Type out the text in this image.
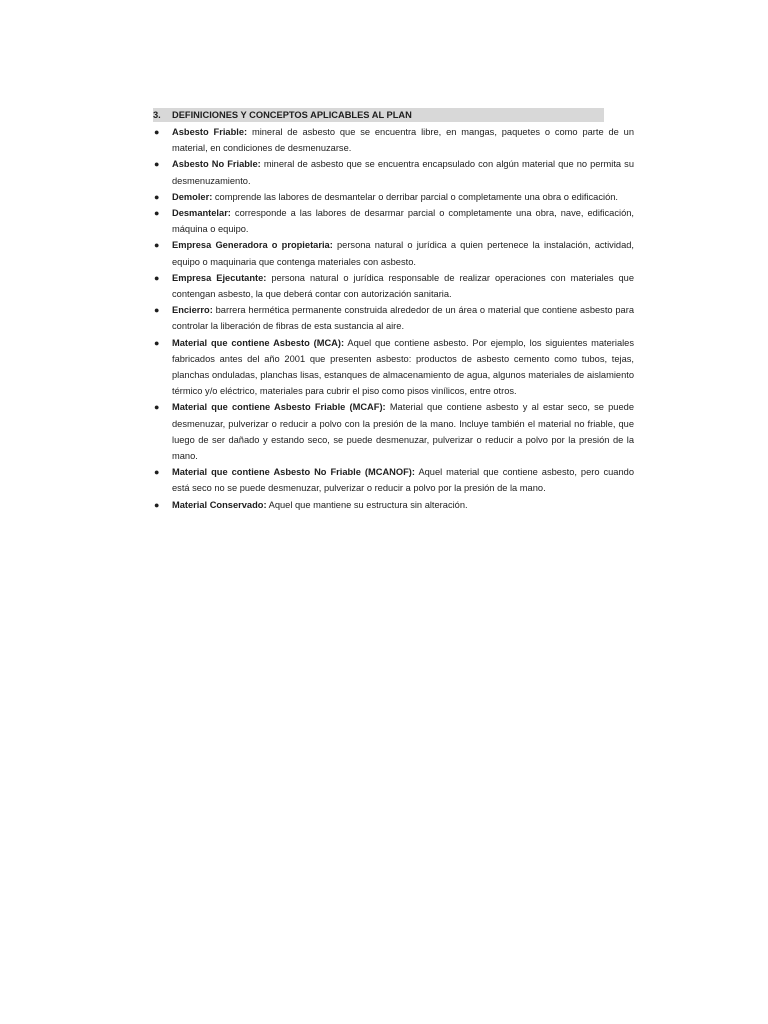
3.	DEFINICIONES Y CONCEPTOS APLICABLES AL PLAN
● Asbesto Friable: mineral de asbesto que se encuentra libre, en mangas, paquetes o como parte de un material, en condiciones de desmenuzarse.
● Asbesto No Friable: mineral de asbesto que se encuentra encapsulado con algún material que no permita su desmenuzamiento.
● Demoler: comprende las labores de desmantelar o derribar parcial o completamente una obra o edificación.
● Desmantelar: corresponde a las labores de desarmar parcial o completamente una obra, nave, edificación, máquina o equipo.
● Empresa Generadora o propietaria: persona natural o jurídica a quien pertenece la instalación, actividad, equipo o maquinaria que contenga materiales con asbesto.
● Empresa Ejecutante: persona natural o jurídica responsable de realizar operaciones con materiales que contengan asbesto, la que deberá contar con autorización sanitaria.
● Encierro: barrera hermética permanente construida alrededor de un área o material que contiene asbesto para controlar la liberación de fibras de esta sustancia al aire.
● Material que contiene Asbesto (MCA): Aquel que contiene asbesto. Por ejemplo, los siguientes materiales fabricados antes del año 2001 que presenten asbesto: productos de asbesto cemento como tubos, tejas, planchas onduladas, planchas lisas, estanques de almacenamiento de agua, algunos materiales de aislamiento térmico y/o eléctrico, materiales para cubrir el piso como pisos vinílicos, entre otros.
● Material que contiene Asbesto Friable (MCAF): Material que contiene asbesto y al estar seco, se puede desmenuzar, pulverizar o reducir a polvo con la presión de la mano. Incluye también el material no friable, que luego de ser dañado y estando seco, se puede desmenuzar, pulverizar o reducir a polvo por la presión de la mano.
● Material que contiene Asbesto No Friable (MCANOF): Aquel material que contiene asbesto, pero cuando está seco no se puede desmenuzar, pulverizar o reducir a polvo por la presión de la mano.
● Material Conservado: Aquel que mantiene su estructura sin alteración.
